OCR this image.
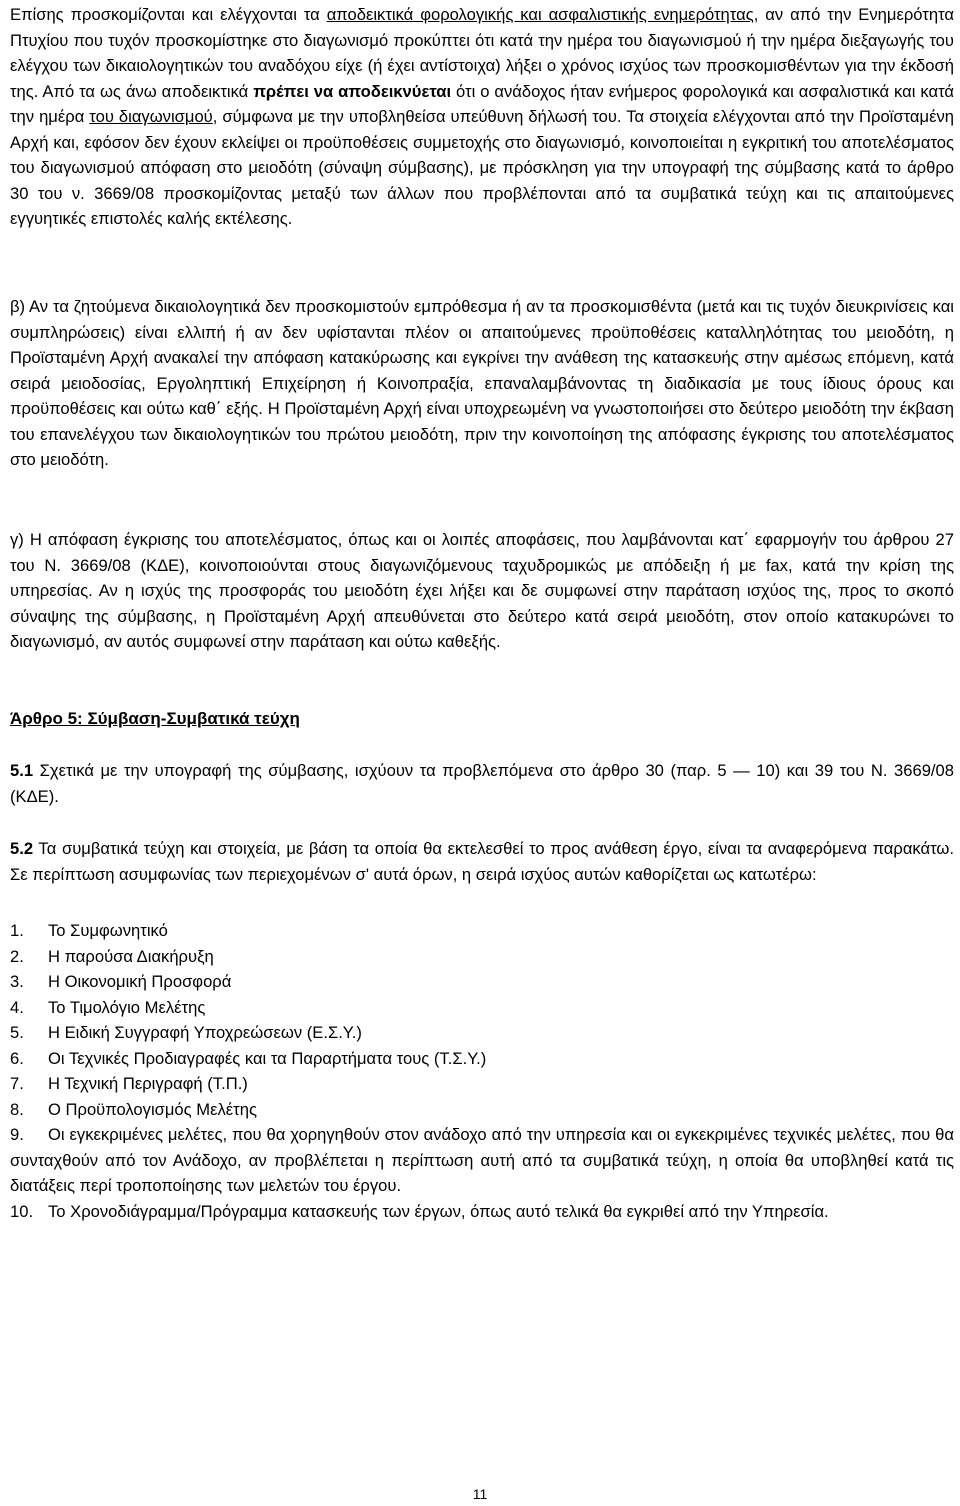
Επίσης προσκομίζονται και ελέγχονται τα αποδεικτικά φορολογικής και ασφαλιστικής ενημερότητας, αν από την Ενημερότητα Πτυχίου που τυχόν προσκομίστηκε στο διαγωνισμό προκύπτει ότι κατά την ημέρα του διαγωνισμού ή την ημέρα διεξαγωγής του ελέγχου των δικαιολογητικών του αναδόχου είχε (ή έχει αντίστοιχα) λήξει ο χρόνος ισχύος των προσκομισθέντων για την έκδοσή της. Από τα ως άνω αποδεικτικά πρέπει να αποδεικνύεται ότι ο ανάδοχος ήταν ενήμερος φορολογικά και ασφαλιστικά και κατά την ημέρα του διαγωνισμού, σύμφωνα με την υποβληθείσα υπεύθυνη δήλωσή του. Τα στοιχεία ελέγχονται από την Προϊσταμένη Αρχή και, εφόσον δεν έχουν εκλείψει οι προϋποθέσεις συμμετοχής στο διαγωνισμό, κοινοποιείται η εγκριτική του αποτελέσματος του διαγωνισμού απόφαση στο μειοδότη (σύναψη σύμβασης), με πρόσκληση για την υπογραφή της σύμβασης κατά το άρθρο 30 του ν. 3669/08 προσκομίζοντας μεταξύ των άλλων που προβλέπονται από τα συμβατικά τεύχη και τις απαιτούμενες εγγυητικές επιστολές καλής εκτέλεσης.

β) Αν τα ζητούμενα δικαιολογητικά δεν προσκομιστούν εμπρόθεσμα ή αν τα προσκομισθέντα (μετά και τις τυχόν διευκρινίσεις και συμπληρώσεις) είναι ελλιπή ή αν δεν υφίστανται πλέον οι απαιτούμενες προϋποθέσεις καταλληλότητας του μειοδότη, η Προϊσταμένη Αρχή ανακαλεί την απόφαση κατακύρωσης και εγκρίνει την ανάθεση της κατασκευής στην αμέσως επόμενη, κατά σειρά μειοδοσίας, Εργοληπτική Επιχείρηση ή Κοινοπραξία, επαναλαμβάνοντας τη διαδικασία με τους ίδιους όρους και προϋποθέσεις και ούτω καθ΄ εξής. Η Προϊσταμένη Αρχή είναι υποχρεωμένη να γνωστοποιήσει στο δεύτερο μειοδότη την έκβαση του επανελέγχου των δικαιολογητικών του πρώτου μειοδότη, πριν την κοινοποίηση της απόφασης έγκρισης του αποτελέσματος στο μειοδότη.

γ) Η απόφαση έγκρισης του αποτελέσματος, όπως και οι λοιπές αποφάσεις, που λαμβάνονται κατ΄ εφαρμογήν του άρθρου 27 του Ν. 3669/08 (ΚΔΕ), κοινοποιούνται στους διαγωνιζόμενους ταχυδρομικώς με απόδειξη ή με fax, κατά την κρίση της υπηρεσίας. Αν η ισχύς της προσφοράς του μειοδότη έχει λήξει και δε συμφωνεί στην παράταση ισχύος της, προς το σκοπό σύναψης της σύμβασης, η Προϊσταμένη Αρχή απευθύνεται στο δεύτερο κατά σειρά μειοδότη, στον οποίο κατακυρώνει το διαγωνισμό, αν αυτός συμφωνεί στην παράταση και ούτω καθεξής.

Άρθρο 5: Σύμβαση-Συμβατικά τεύχη

5.1 Σχετικά με την υπογραφή της σύμβασης, ισχύουν τα προβλεπόμενα στο άρθρο 30 (παρ. 5 — 10) και 39 του Ν. 3669/08 (ΚΔΕ).

5.2 Τα συμβατικά τεύχη και στοιχεία, με βάση τα οποία θα εκτελεσθεί το προς ανάθεση έργο, είναι τα αναφερόμενα παρακάτω. Σε περίπτωση ασυμφωνίας των περιεχομένων σ' αυτά όρων, η σειρά ισχύος αυτών καθορίζεται ως κατωτέρω:

1. Το Συμφωνητικό
2. Η παρούσα Διακήρυξη
3. Η Οικονομική Προσφορά
4. Το Τιμολόγιο Μελέτης
5. Η Ειδική Συγγραφή Υποχρεώσεων (Ε.Σ.Υ.)
6. Οι Τεχνικές Προδιαγραφές και τα Παραρτήματα τους (Τ.Σ.Υ.)
7. Η Τεχνική Περιγραφή (Τ.Π.)
8. Ο Προϋπολογισμός Μελέτης
9. Οι εγκεκριμένες μελέτες, που θα χορηγηθούν στον ανάδοχο από την υπηρεσία και οι εγκεκριμένες τεχνικές μελέτες, που θα συνταχθούν από τον Ανάδοχο, αν προβλέπεται η περίπτωση αυτή από τα συμβατικά τεύχη, η οποία θα υποβληθεί κατά τις διατάξεις περί τροποποίησης των μελετών του έργου.
10. Το Χρονοδιάγραμμα/Πρόγραμμα κατασκευής των έργων, όπως αυτό τελικά θα εγκριθεί από την Υπηρεσία.
11
